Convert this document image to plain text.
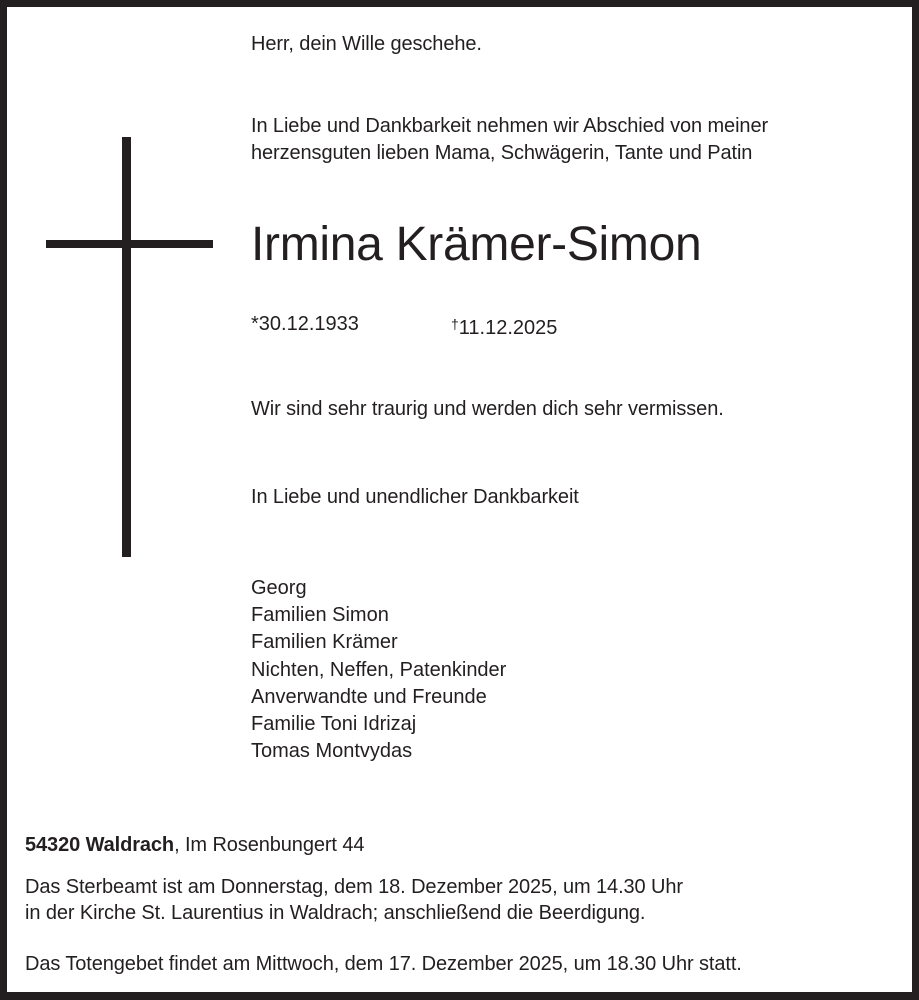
Herr, dein Wille geschehe.
In Liebe und Dankbarkeit nehmen wir Abschied von meiner
herzensguten lieben Mama, Schwägerin, Tante und Patin
Irmina Krämer-Simon
*30.12.1933	†11.12.2025
Wir sind sehr traurig und werden dich sehr vermissen.
In Liebe und unendlicher Dankbarkeit
Georg
Familien Simon
Familien Krämer
Nichten, Neffen, Patenkinder
Anverwandte und Freunde
Familie Toni Idrizaj
Tomas Montvydas
54320 Waldrach, Im Rosenbungert 44
Das Sterbeamt ist am Donnerstag, dem 18. Dezember 2025, um 14.30 Uhr
in der Kirche St. Laurentius in Waldrach; anschließend die Beerdigung.
Das Totengebet findet am Mittwoch, dem 17. Dezember 2025, um 18.30 Uhr statt.
